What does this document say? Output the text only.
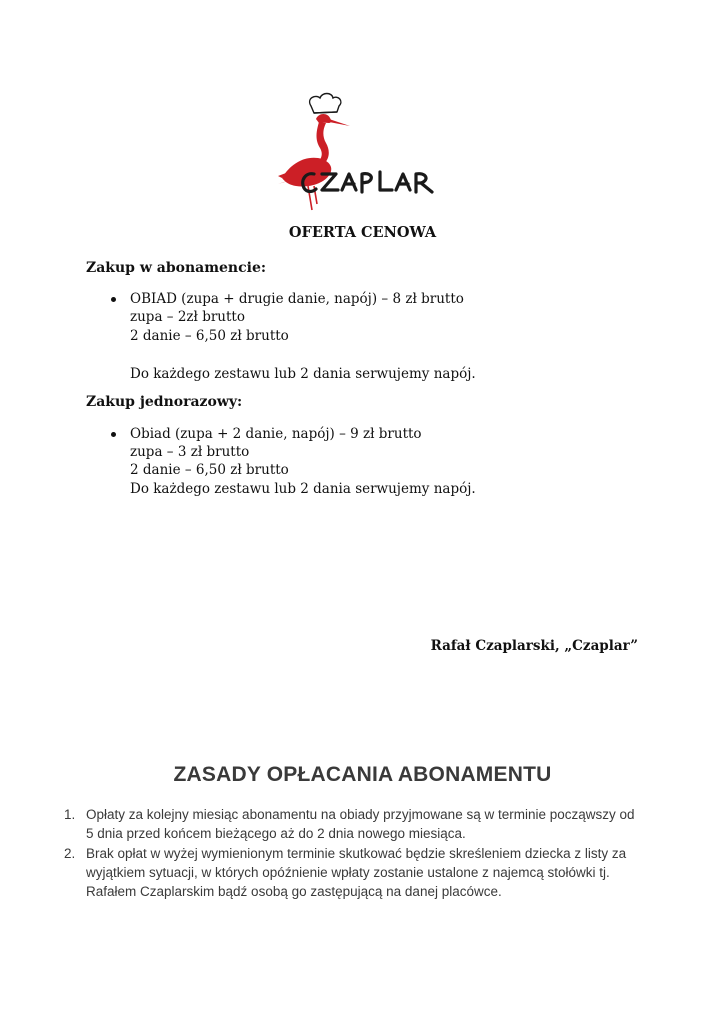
OFERTA CENOWA
Zakup w abonamencie:
OBIAD (zupa + drugie danie, napój) – 8 zł brutto
zupa – 2zł brutto
2 danie – 6,50 zł brutto
Do każdego zestawu lub 2 dania serwujemy napój.
Zakup jednorazowy:
Obiad (zupa + 2 danie, napój) – 9 zł brutto
zupa – 3 zł brutto
2 danie – 6,50 zł brutto
Do każdego zestawu lub 2 dania serwujemy napój.
Rafał Czaplarski, „Czaplar”
ZASADY OPŁACANIA ABONAMENTU
1. Opłaty za kolejny miesiąc abonamentu na obiady przyjmowane są w terminie począwszy od
5 dnia przed końcem bieżącego aż do 2 dnia nowego miesiąca.
2. Brak opłat w wyżej wymienionym terminie skutkować będzie skreśleniem dziecka z listy za
wyjątkiem sytuacji, w których opóźnienie wpłaty zostanie ustalone z najemcą stołówki tj.
Rafałem Czaplarskim bądź osobą go zastępującą na danej placówce.
